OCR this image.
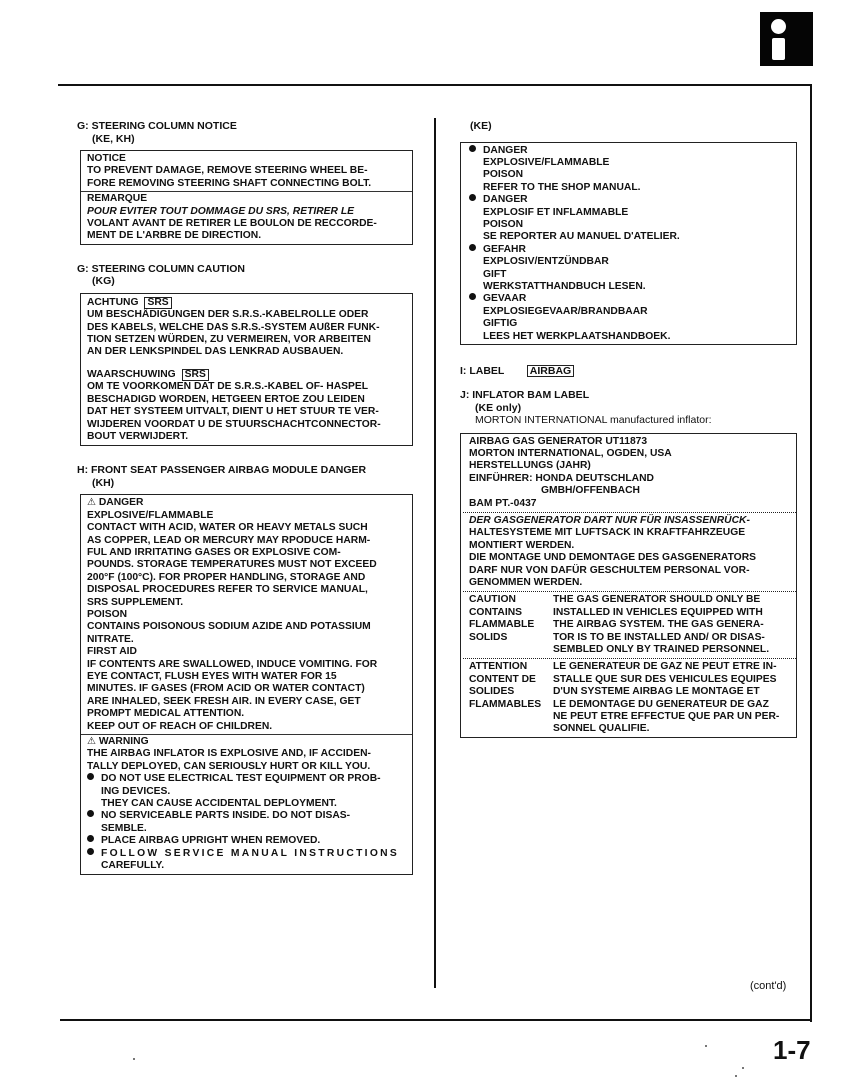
G: STEERING COLUMN NOTICE
(KE, KH)
NOTICE
TO PREVENT DAMAGE, REMOVE STEERING WHEEL BE-
FORE REMOVING STEERING SHAFT CONNECTING BOLT.
REMARQUE
POUR EVITER TOUT DOMMAGE DU SRS, RETIRER LE
VOLANT AVANT DE RETIRER LE BOULON DE RECCORDE-
MENT DE L'ARBRE DE DIRECTION.
G: STEERING COLUMN CAUTION
(KG)
ACHTUNG SRS
UM BESCHÄDIGUNGEN DER S.R.S.-KABELROLLE ODER
DES KABELS, WELCHE DAS S.R.S.-SYSTEM AUßER FUNK-
TION SETZEN WÜRDEN, ZU VERMEIREN, VOR ARBEITEN
AN DER LENKSPINDEL DAS LENKRAD AUSBAUEN.
WAARSCHUWING SRS
OM TE VOORKOMEN DAT DE S.R.S.-KABEL OF- HASPEL
BESCHADIGD WORDEN, HETGEEN ERTOE ZOU LEIDEN
DAT HET SYSTEEM UITVALT, DIENT U HET STUUR TE VER-
WIJDEREN VOORDAT U DE STUURSCHACHTCONNECTOR-
BOUT VERWIJDERT.
H: FRONT SEAT PASSENGER AIRBAG MODULE DANGER
(KH)
⚠ DANGER
EXPLOSIVE/FLAMMABLE
CONTACT WITH ACID, WATER OR HEAVY METALS SUCH
AS COPPER, LEAD OR MERCURY MAY RPODUCE HARM-
FUL AND IRRITATING GASES OR EXPLOSIVE COM-
POUNDS. STORAGE TEMPERATURES MUST NOT EXCEED
200°F (100°C). FOR PROPER HANDLING, STORAGE AND
DISPOSAL PROCEDURES REFER TO SERVICE MANUAL,
SRS SUPPLEMENT.
POISON
CONTAINS POISONOUS SODIUM AZIDE AND POTASSIUM
NITRATE.
FIRST AID
IF CONTENTS ARE SWALLOWED, INDUCE VOMITING. FOR
EYE CONTACT, FLUSH EYES WITH WATER FOR 15
MINUTES. IF GASES (FROM ACID OR WATER CONTACT)
ARE INHALED, SEEK FRESH AIR. IN EVERY CASE, GET
PROMPT MEDICAL ATTENTION.
KEEP OUT OF REACH OF CHILDREN.
⚠ WARNING
THE AIRBAG INFLATOR IS EXPLOSIVE AND, IF ACCIDEN-
TALLY DEPLOYED, CAN SERIOUSLY HURT OR KILL YOU.
DO NOT USE ELECTRICAL TEST EQUIPMENT OR PROB-
ING DEVICES.
THEY CAN CAUSE ACCIDENTAL DEPLOYMENT.
NO SERVICEABLE PARTS INSIDE. DO NOT DISAS-
SEMBLE.
PLACE AIRBAG UPRIGHT WHEN REMOVED.
FOLLOW SERVICE MANUAL INSTRUCTIONS
CAREFULLY.
(KE)
DANGER
EXPLOSIVE/FLAMMABLE
POISON
REFER TO THE SHOP MANUAL.
DANGER
EXPLOSIF ET INFLAMMABLE
POISON
SE REPORTER AU MANUEL D'ATELIER.
GEFAHR
EXPLOSIV/ENTZÜNDBAR
GIFT
WERKSTATTHANDBUCH LESEN.
GEVAAR
EXPLOSIEGEVAAR/BRANDBAAR
GIFTIG
LEES HET WERKPLAATSHANDBOEK.
I: LABEL AIRBAG
J: INFLATOR BAM LABEL
(KE only)
MORTON INTERNATIONAL manufactured inflator:
AIRBAG GAS GENERATOR UT11873
MORTON INTERNATIONAL, OGDEN, USA
HERSTELLUNGS (JAHR)
EINFÜHRER: HONDA DEUTSCHLAND
GMBH/OFFENBACH
BAM PT.-0437
DER GASGENERATOR DART NUR FÜR INSASSENRÜCK-
HALTESYSTEME MIT LUFTSACK IN KRAFTFAHRZEUGE
MONTIERT WERDEN.
DIE MONTAGE UND DEMONTAGE DES GASGENERATORS
DARF NUR VON DAFÜR GESCHULTEM PERSONAL VOR-
GENOMMEN WERDEN.
CAUTION
CONTAINS
FLAMMABLE
SOLIDS
THE GAS GENERATOR SHOULD ONLY BE
INSTALLED IN VEHICLES EQUIPPED WITH
THE AIRBAG SYSTEM. THE GAS GENERA-
TOR IS TO BE INSTALLED AND/ OR DISAS-
SEMBLED ONLY BY TRAINED PERSONNEL.
ATTENTION
CONTENT DE
SOLIDES
FLAMMABLES
LE GENERATEUR DE GAZ NE PEUT ETRE IN-
STALLE QUE SUR DES VEHICULES EQUIPES
D'UN SYSTEME AIRBAG LE MONTAGE ET
LE DEMONTAGE DU GENERATEUR DE GAZ
NE PEUT ETRE EFFECTUE QUE PAR UN PER-
SONNEL QUALIFIE.
(cont'd)
1-7
